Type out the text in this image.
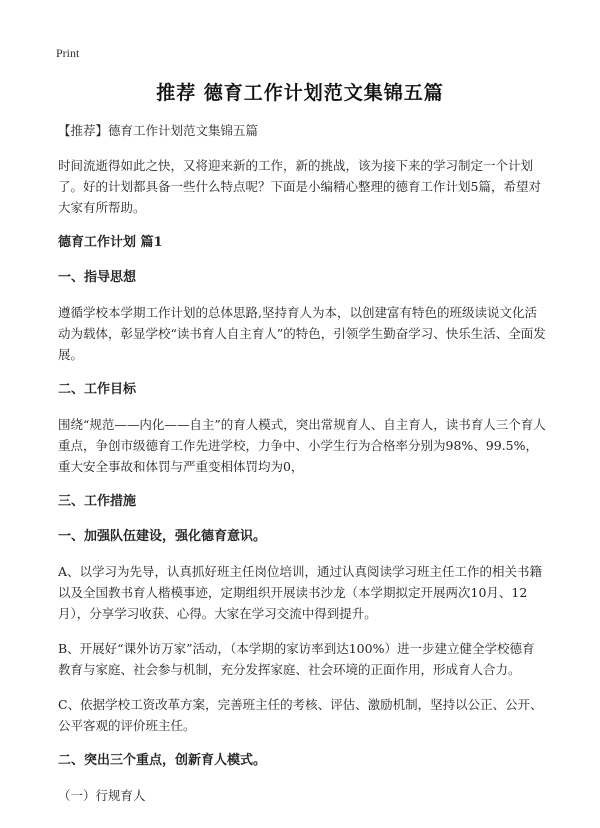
Print
推荐 德育工作计划范文集锦五篇

【推荐】德育工作计划范文集锦五篇

时间流逝得如此之快，又将迎来新的工作，新的挑战，该为接下来的学习制定一个计划了。好的计划都具备一些什么特点呢？下面是小编精心整理的德育工作计划5篇，希望对大家有所帮助。

德育工作计划 篇1

一、指导思想

遵循学校本学期工作计划的总体思路,坚持育人为本，以创建富有特色的班级读说文化活动为载体，彰显学校“读书育人自主育人”的特色，引领学生勤奋学习、快乐生活、全面发展。

二、工作目标

围绕“规范——内化——自主”的育人模式，突出常规育人、自主育人，读书育人三个育人重点，争创市级德育工作先进学校，力争中、小学生行为合格率分别为98%、99.5%，重大安全事故和体罚与严重变相体罚均为0，

三、工作措施

一、加强队伍建设，强化德育意识。

A、以学习为先导，认真抓好班主任岗位培训，通过认真阅读学习班主任工作的相关书籍以及全国教书育人楷模事迹，定期组织开展读书沙龙（本学期拟定开展两次10月、12月），分享学习收获、心得。大家在学习交流中得到提升。

B、开展好“课外访万家”活动，（本学期的家访率到达100%）进一步建立健全学校德育教育与家庭、社会参与机制，充分发挥家庭、社会环境的正面作用，形成育人合力。

C、依据学校工资改革方案，完善班主任的考核、评估、激励机制，坚持以公正、公开、公平客观的评价班主任。

二、突出三个重点，创新育人模式。

（一）行规育人
